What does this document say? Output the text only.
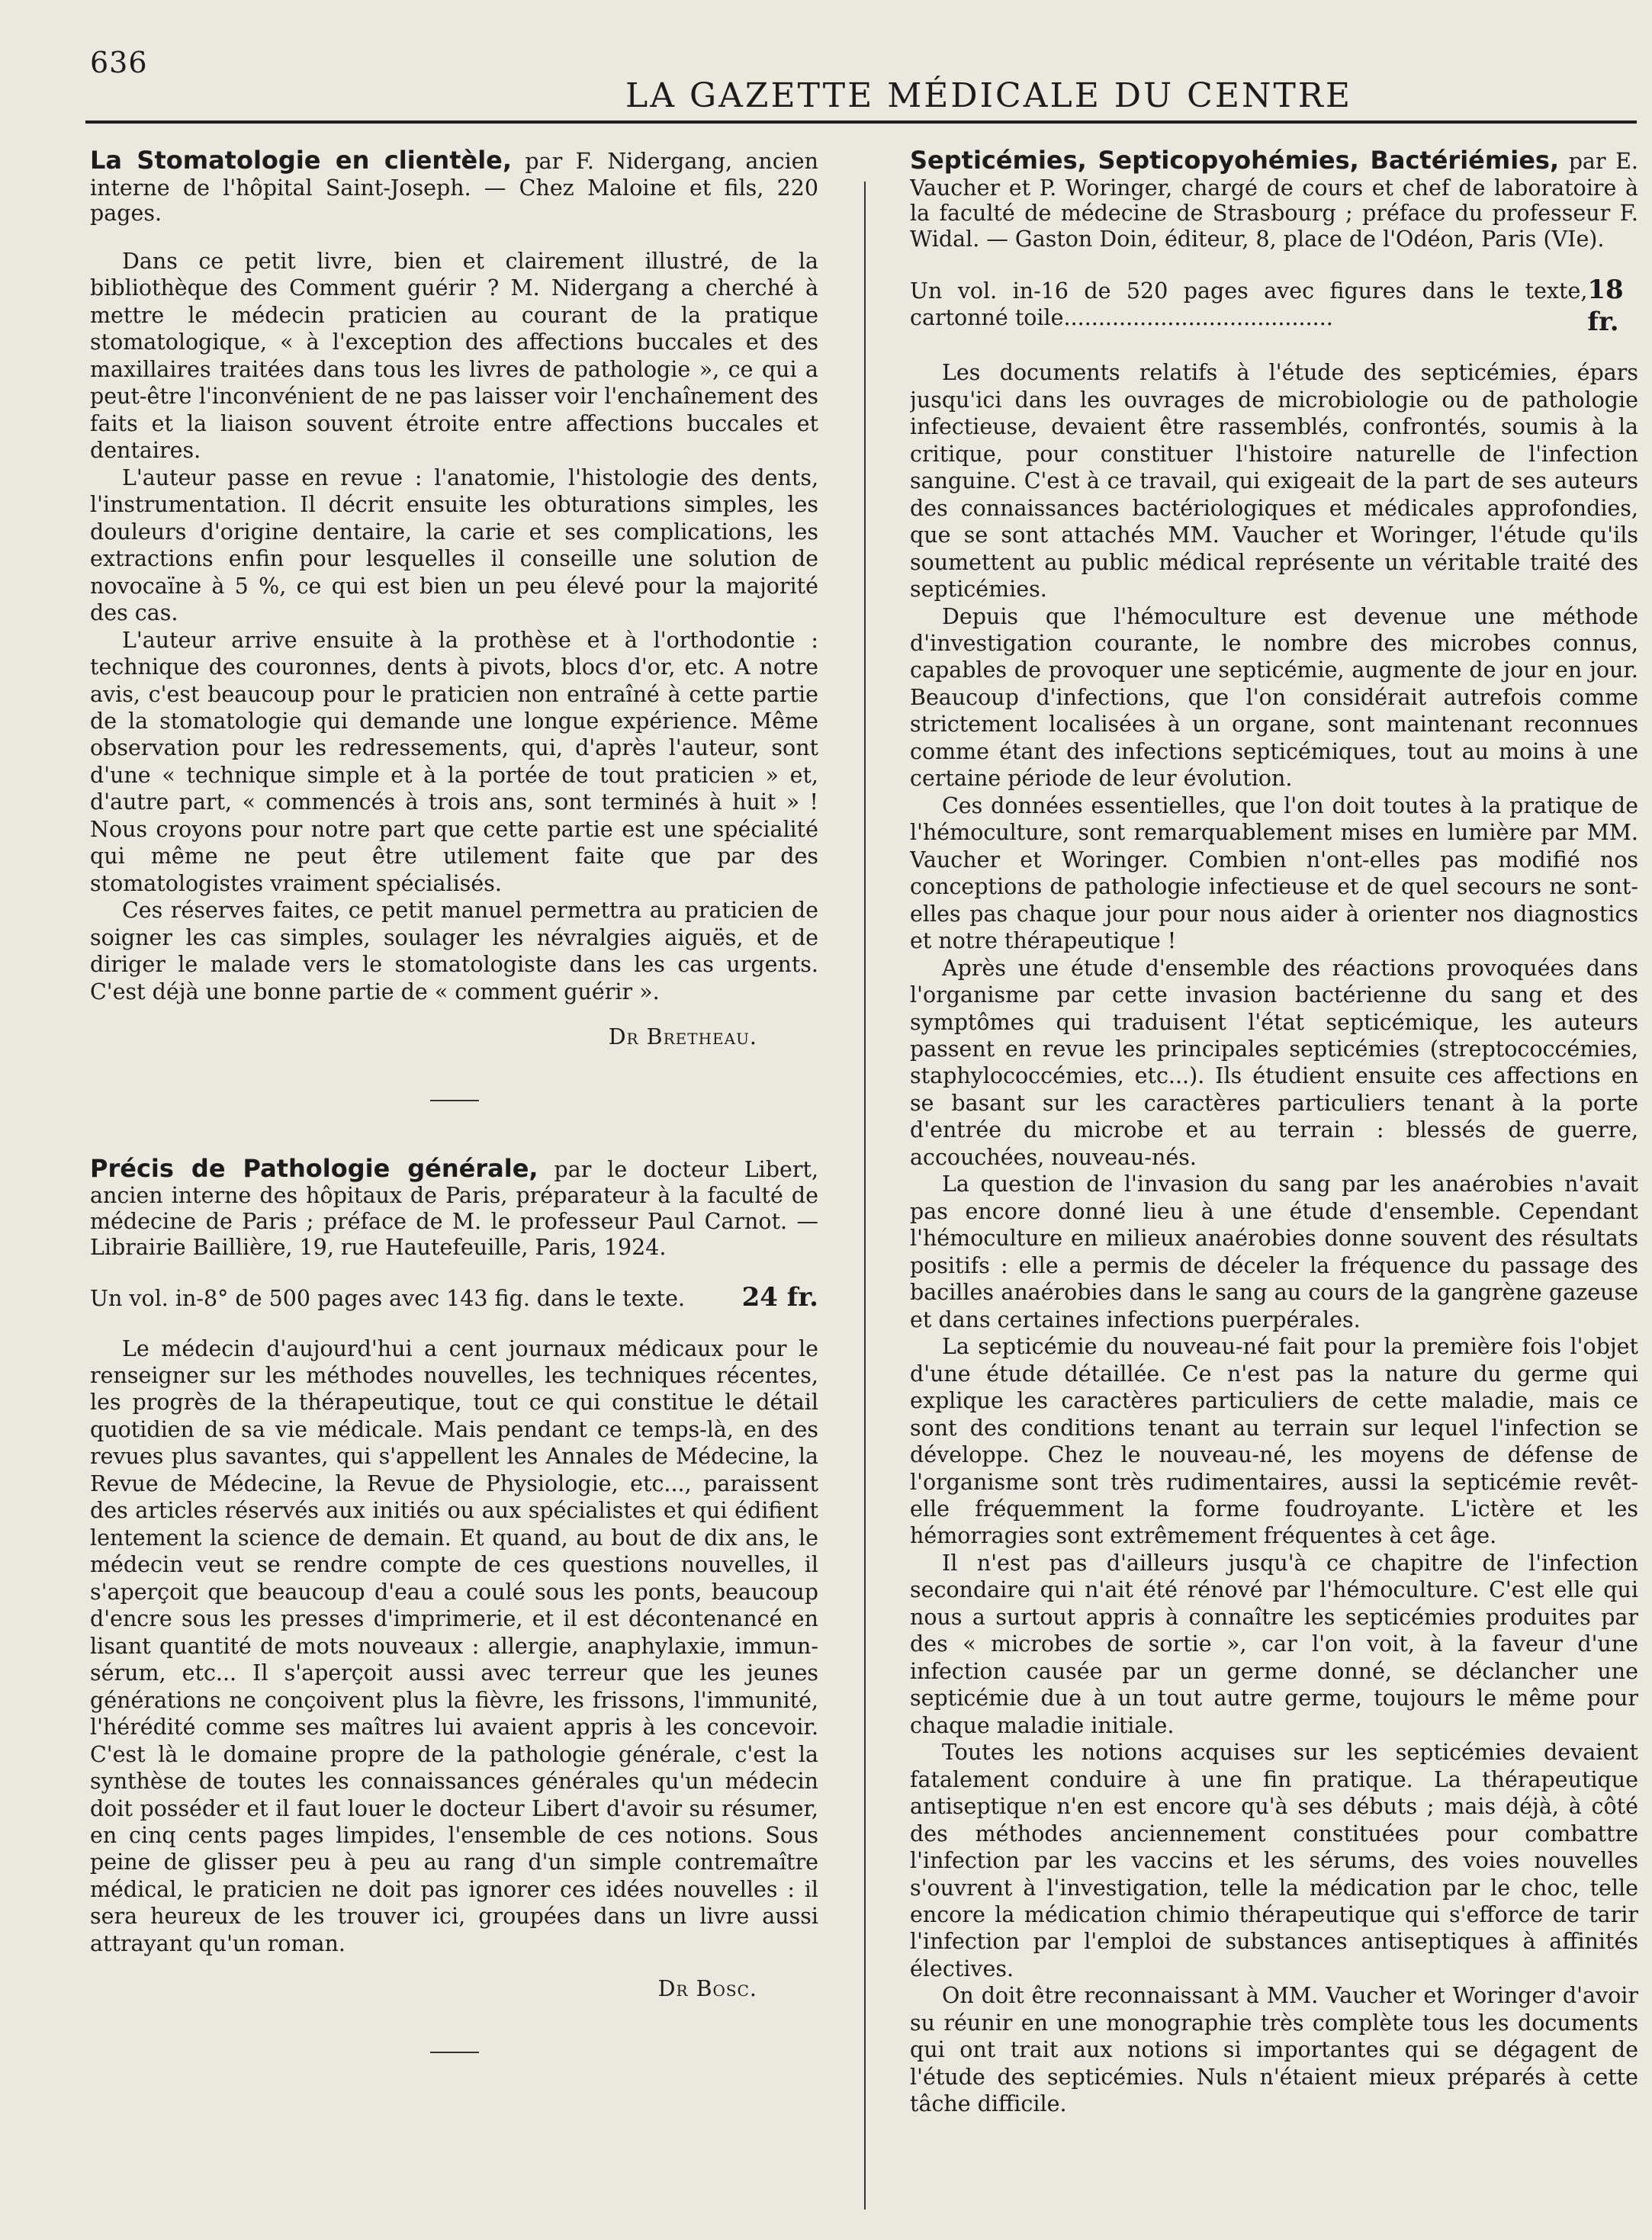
636
LA GAZETTE MÉDICALE DU CENTRE
La Stomatologie en clientèle, par F. Nidergang, ancien interne de l'hôpital Saint-Joseph. — Chez Maloine et fils, 220 pages.

Dans ce petit livre, bien et clairement illustré, de la bibliothèque des Comment guérir ? M. Nidergang a cherché à mettre le médecin praticien au courant de la pratique stomatologique, « à l'exception des affections buccales et des maxillaires traitées dans tous les livres de pathologie », ce qui a peut-être l'inconvénient de ne pas laisser voir l'enchaînement des faits et la liaison souvent étroite entre affections buccales et dentaires.

L'auteur passe en revue : l'anatomie, l'histologie des dents, l'instrumentation. Il décrit ensuite les obturations simples, les douleurs d'origine dentaire, la carie et ses complications, les extractions enfin pour lesquelles il conseille une solution de novocaïne à 5 %, ce qui est bien un peu élevé pour la majorité des cas.

L'auteur arrive ensuite à la prothèse et à l'orthodontie : technique des couronnes, dents à pivots, blocs d'or, etc. A notre avis, c'est beaucoup pour le praticien non entraîné à cette partie de la stomatologie qui demande une longue expérience. Même observation pour les redressements, qui, d'après l'auteur, sont d'une « technique simple et à la portée de tout praticien » et, d'autre part, « commencés à trois ans, sont terminés à huit » ! Nous croyons pour notre part que cette partie est une spécialité qui même ne peut être utilement faite que par des stomatologistes vraiment spécialisés.

Ces réserves faites, ce petit manuel permettra au praticien de soigner les cas simples, soulager les névralgies aiguës, et de diriger le malade vers le stomatologiste dans les cas urgents. C'est déjà une bonne partie de « comment guérir ».

Dr Bretheau.
Précis de Pathologie générale, par le docteur Libert, ancien interne des hôpitaux de Paris, préparateur à la faculté de médecine de Paris ; préface de M. le professeur Paul Carnot. — Librairie Baillière, 19, rue Hautefeuille, Paris, 1924.
Un vol. in-8° de 500 pages avec 143 fig. dans le texte. 24 fr.

Le médecin d'aujourd'hui a cent journaux médicaux pour le renseigner sur les méthodes nouvelles, les techniques récentes, les progrès de la thérapeutique, tout ce qui constitue le détail quotidien de sa vie médicale. Mais pendant ce temps-là, en des revues plus savantes, qui s'appellent les Annales de Médecine, la Revue de Médecine, la Revue de Physiologie, etc..., paraissent des articles réservés aux initiés ou aux spécialistes et qui édifient lentement la science de demain. Et quand, au bout de dix ans, le médecin veut se rendre compte de ces questions nouvelles, il s'aperçoit que beaucoup d'eau a coulé sous les ponts, beaucoup d'encre sous les presses d'imprimerie, et il est décontenancé en lisant quantité de mots nouveaux : allergie, anaphylaxie, immun-sérum, etc... Il s'aperçoit aussi avec terreur que les jeunes générations ne conçoivent plus la fièvre, les frissons, l'immunité, l'hérédité comme ses maîtres lui avaient appris à les concevoir. C'est là le domaine propre de la pathologie générale, c'est la synthèse de toutes les connaissances générales qu'un médecin doit posséder et il faut louer le docteur Libert d'avoir su résumer, en cinq cents pages limpides, l'ensemble de ces notions. Sous peine de glisser peu à peu au rang d'un simple contremaître médical, le praticien ne doit pas ignorer ces idées nouvelles : il sera heureux de les trouver ici, groupées dans un livre aussi attrayant qu'un roman.

Dr Bosc.
Septicémies, Septicopyohémies, Bactériémies, par E. Vaucher et P. Woringer, chargé de cours et chef de laboratoire à la faculté de médecine de Strasbourg ; préface du professeur F. Widal. — Gaston Doin, éditeur, 8, place de l'Odéon, Paris (VIe).
Un vol. in-16 de 520 pages avec figures dans le texte, cartonné toile.......................................
18 fr.

Les documents relatifs à l'étude des septicémies, épars jusqu'ici dans les ouvrages de microbiologie ou de pathologie infectieuse, devaient être rassemblés, confrontés, soumis à la critique, pour constituer l'histoire naturelle de l'infection sanguine. C'est à ce travail, qui exigeait de la part de ses auteurs des connaissances bactériologiques et médicales approfondies, que se sont attachés MM. Vaucher et Woringer, l'étude qu'ils soumettent au public médical représente un véritable traité des septicémies.

Depuis que l'hémoculture est devenue une méthode d'investigation courante, le nombre des microbes connus, capables de provoquer une septicémie, augmente de jour en jour. Beaucoup d'infections, que l'on considérait autrefois comme strictement localisées à un organe, sont maintenant reconnues comme étant des infections septicémiques, tout au moins à une certaine période de leur évolution.

Ces données essentielles, que l'on doit toutes à la pratique de l'hémoculture, sont remarquablement mises en lumière par MM. Vaucher et Woringer. Combien n'ont-elles pas modifié nos conceptions de pathologie infectieuse et de quel secours ne sont-elles pas chaque jour pour nous aider à orienter nos diagnostics et notre thérapeutique !

Après une étude d'ensemble des réactions provoquées dans l'organisme par cette invasion bactérienne du sang et des symptômes qui traduisent l'état septicémique, les auteurs passent en revue les principales septicémies (streptococcémies, staphylococcémies, etc...). Ils étudient ensuite ces affections en se basant sur les caractères particuliers tenant à la porte d'entrée du microbe et au terrain : blessés de guerre, accouchées, nouveau-nés.

La question de l'invasion du sang par les anaérobies n'avait pas encore donné lieu à une étude d'ensemble. Cependant l'hémoculture en milieux anaérobies donne souvent des résultats positifs : elle a permis de déceler la fréquence du passage des bacilles anaérobies dans le sang au cours de la gangrène gazeuse et dans certaines infections puerpérales.

La septicémie du nouveau-né fait pour la première fois l'objet d'une étude détaillée. Ce n'est pas la nature du germe qui explique les caractères particuliers de cette maladie, mais ce sont des conditions tenant au terrain sur lequel l'infection se développe. Chez le nouveau-né, les moyens de défense de l'organisme sont très rudimentaires, aussi la septicémie revêt-elle fréquemment la forme foudroyante. L'ictère et les hémorragies sont extrêmement fréquentes à cet âge.

Il n'est pas d'ailleurs jusqu'à ce chapitre de l'infection secondaire qui n'ait été rénové par l'hémoculture. C'est elle qui nous a surtout appris à connaître les septicémies produites par des « microbes de sortie », car l'on voit, à la faveur d'une infection causée par un germe donné, se déclancher une septicémie due à un tout autre germe, toujours le même pour chaque maladie initiale.

Toutes les notions acquises sur les septicémies devaient fatalement conduire à une fin pratique. La thérapeutique antiseptique n'en est encore qu'à ses débuts ; mais déjà, à côté des méthodes anciennement constituées pour combattre l'infection par les vaccins et les sérums, des voies nouvelles s'ouvrent à l'investigation, telle la médication par le choc, telle encore la médication chimio thérapeutique qui s'efforce de tarir l'infection par l'emploi de substances antiseptiques à affinités électives.

On doit être reconnaissant à MM. Vaucher et Woringer d'avoir su réunir en une monographie très complète tous les documents qui ont trait aux notions si importantes qui se dégagent de l'étude des septicémies. Nuls n'étaient mieux préparés à cette tâche difficile.
